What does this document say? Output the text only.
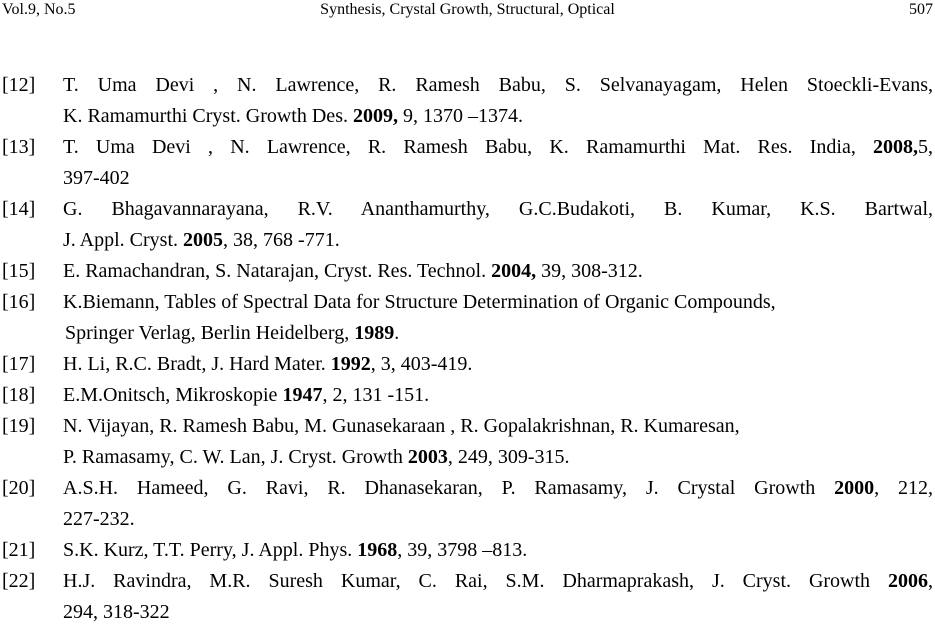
Vol.9, No.5	Synthesis, Crystal Growth, Structural, Optical	507
[12] T. Uma Devi , N. Lawrence, R. Ramesh Babu, S. Selvanayagam, Helen Stoeckli-Evans,
K. Ramamurthi Cryst. Growth Des. 2009, 9, 1370 –1374.
[13] T. Uma Devi , N. Lawrence, R. Ramesh Babu, K. Ramamurthi Mat. Res. India, 2008,5,
397-402
[14] G. Bhagavannarayana, R.V. Ananthamurthy, G.C.Budakoti, B. Kumar, K.S. Bartwal,
J. Appl. Cryst. 2005, 38, 768 -771.
[15] E. Ramachandran, S. Natarajan, Cryst. Res. Technol. 2004, 39, 308-312.
[16] K.Biemann, Tables of Spectral Data for Structure Determination of Organic Compounds,
Springer Verlag, Berlin Heidelberg, 1989.
[17] H. Li, R.C. Bradt, J. Hard Mater. 1992, 3, 403-419.
[18] E.M.Onitsch, Mikroskopie 1947, 2, 131 -151.
[19] N. Vijayan, R. Ramesh Babu, M. Gunasekaraan , R. Gopalakrishnan, R. Kumaresan,
P. Ramasamy, C. W. Lan, J. Cryst. Growth 2003, 249, 309-315.
[20] A.S.H. Hameed, G. Ravi, R. Dhanasekaran, P. Ramasamy, J. Crystal Growth 2000, 212,
227-232.
[21] S.K. Kurz, T.T. Perry, J. Appl. Phys. 1968, 39, 3798 –813.
[22] H.J. Ravindra, M.R. Suresh Kumar, C. Rai, S.M. Dharmaprakash, J. Cryst. Growth 2006,
294, 318-322
